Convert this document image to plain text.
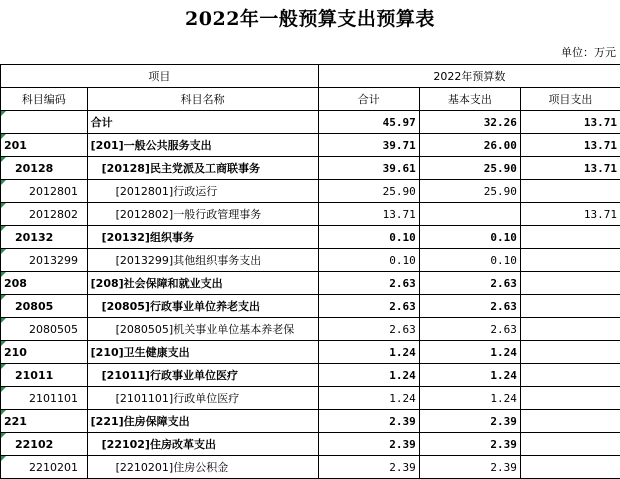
2022年一般预算支出预算表
单位：万元
项目		2022年预算数		
科目编码	科目名称	合计	基本支出	项目支出
	合计	45.97	32.26	13.71
201	[201]一般公共服务支出	39.71	26.00	13.71
20128	[20128]民主党派及工商联事务	39.61	25.90	13.71
2012801	[2012801]行政运行	25.90	25.90	
2012802	[2012802]一般行政管理事务	13.71		13.71
20132	[20132]组织事务	0.10	0.10	
2013299	[2013299]其他组织事务支出	0.10	0.10	
208	[208]社会保障和就业支出	2.63	2.63	
20805	[20805]行政事业单位养老支出	2.63	2.63	
2080505	[2080505]机关事业单位基本养老保	2.63	2.63	
210	[210]卫生健康支出	1.24	1.24	
21011	[21011]行政事业单位医疗	1.24	1.24	
2101101	[2101101]行政单位医疗	1.24	1.24	
221	[221]住房保障支出	2.39	2.39	
22102	[22102]住房改革支出	2.39	2.39	
2210201	[2210201]住房公积金	2.39	2.39	
